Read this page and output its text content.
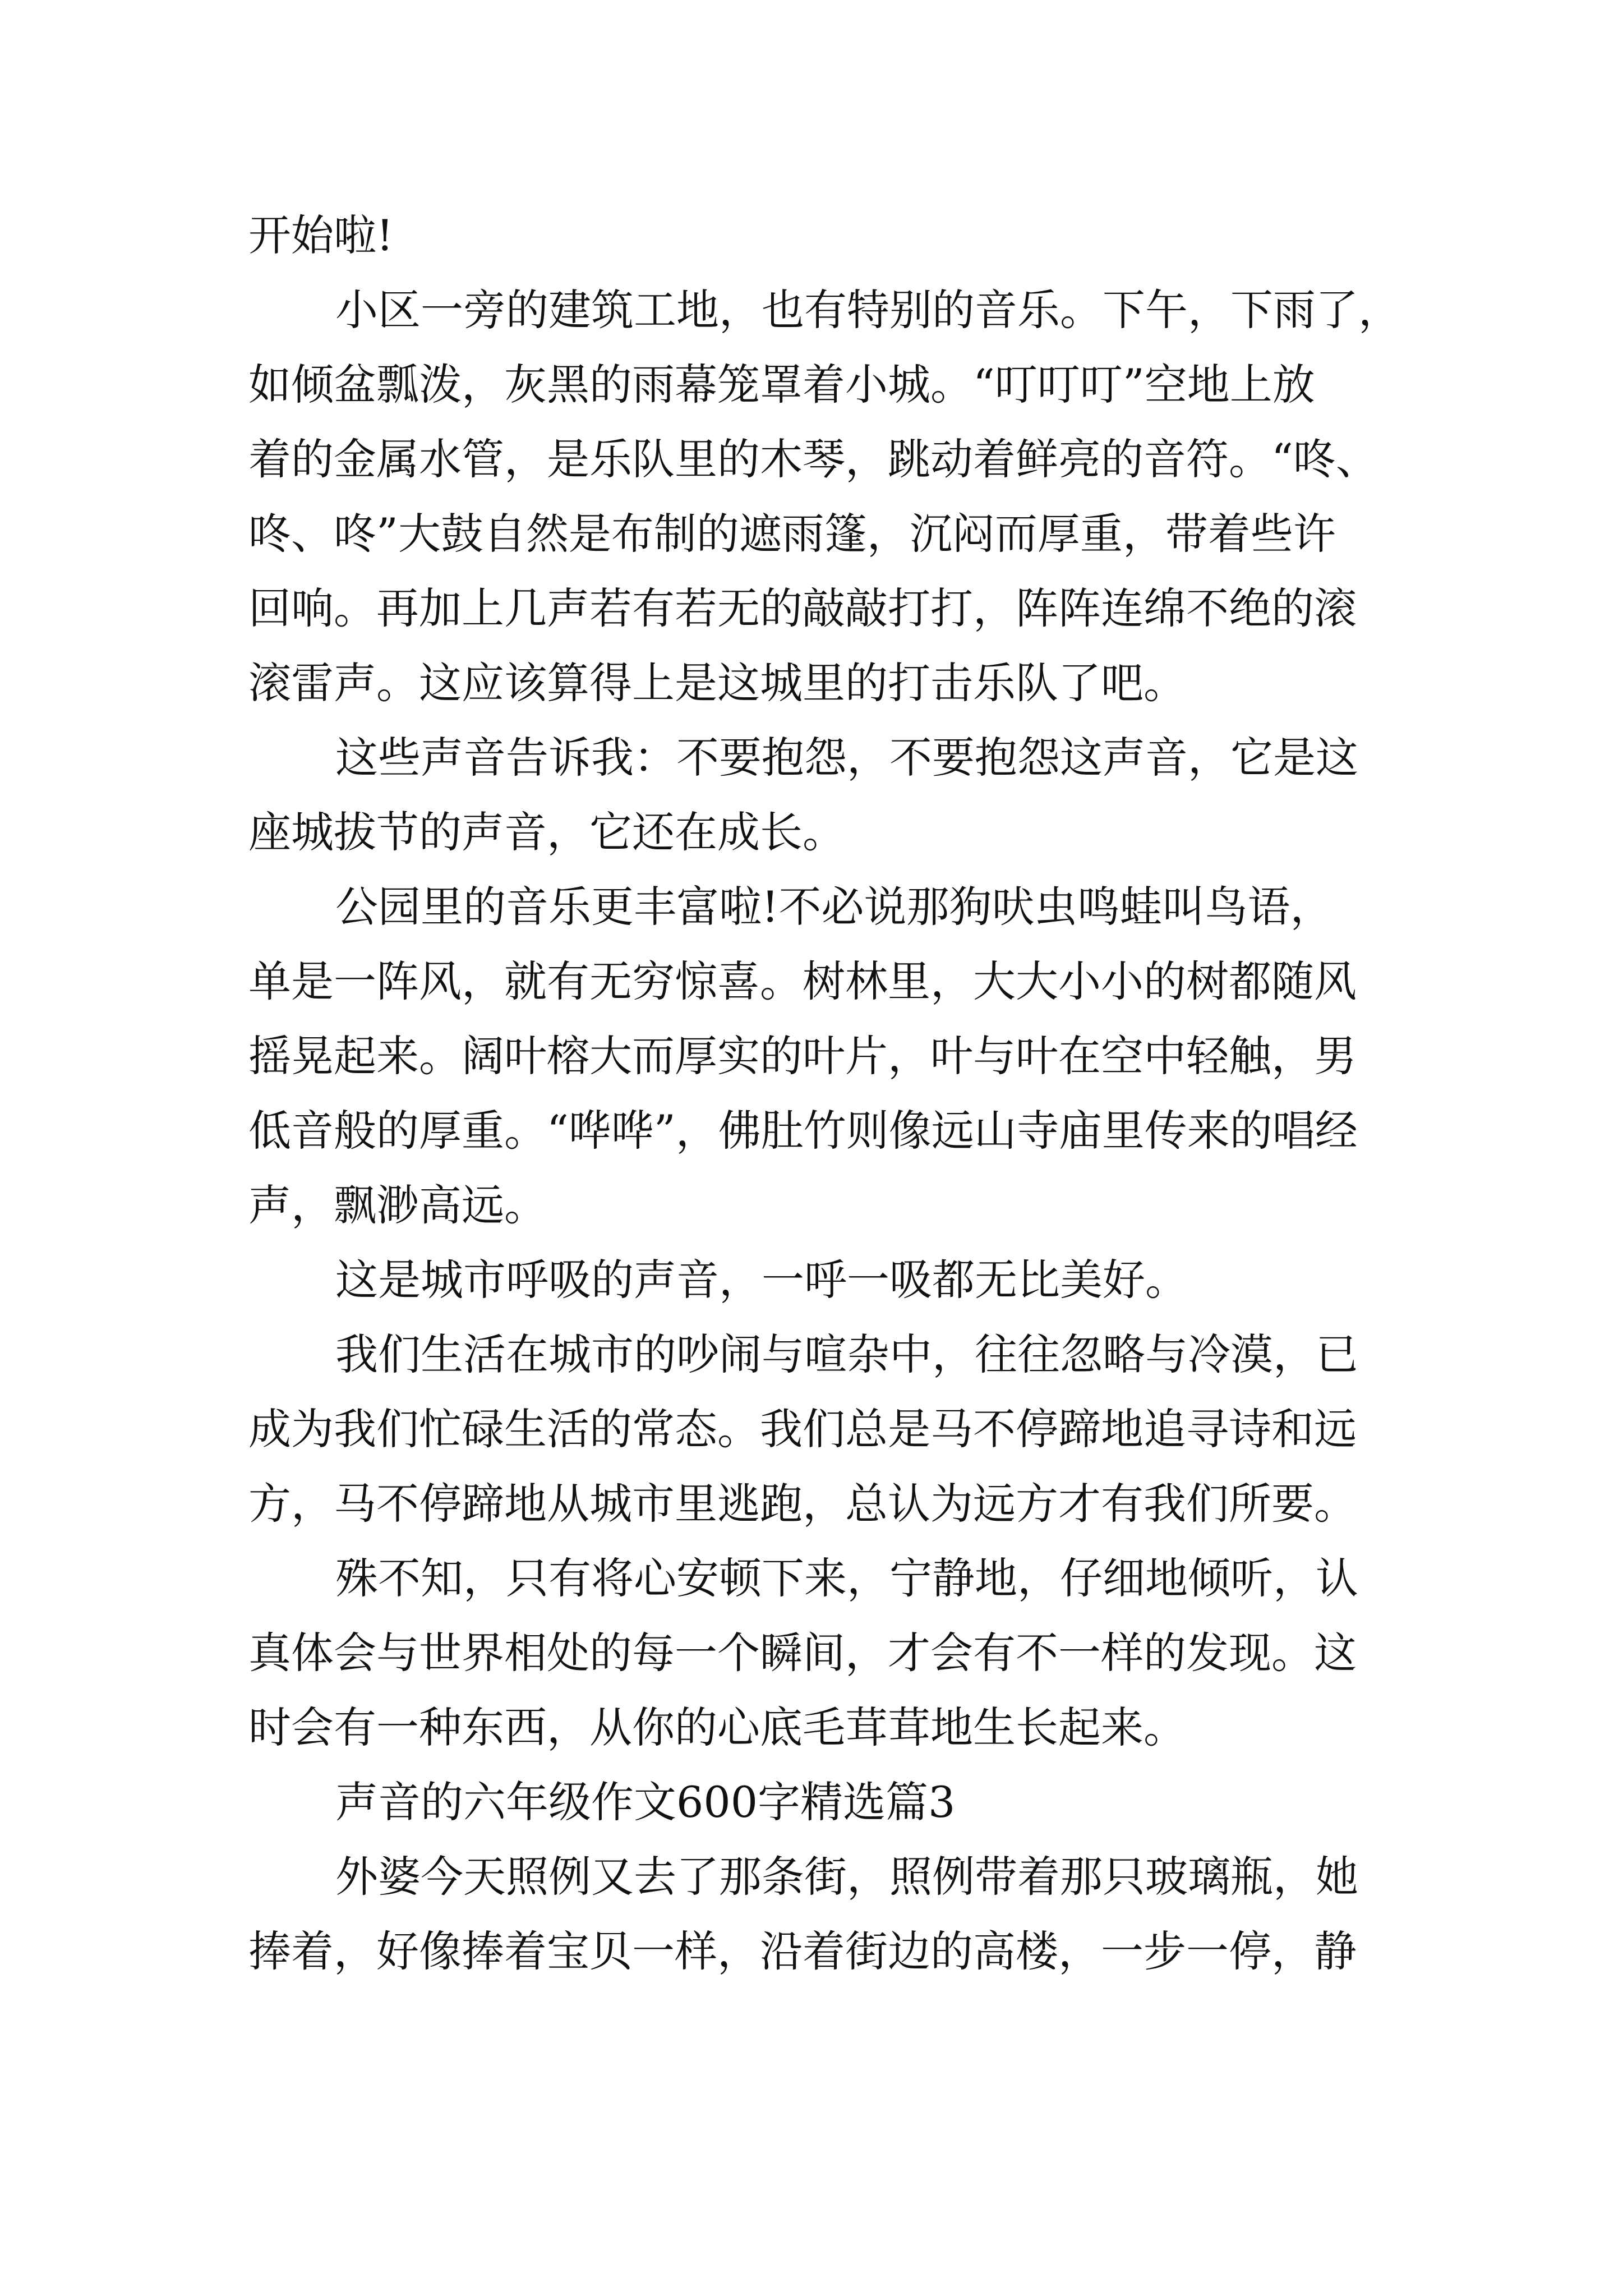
开始啦!
小区一旁的建筑工地，也有特别的音乐。下午，下雨了，
如倾盆瓢泼，灰黑的雨幕笼罩着小城。“叮叮叮”空地上放
着的金属水管，是乐队里的木琴，跳动着鲜亮的音符。“咚、
咚、咚”大鼓自然是布制的遮雨篷，沉闷而厚重，带着些许
回响。再加上几声若有若无的敲敲打打，阵阵连绵不绝的滚
滚雷声。这应该算得上是这城里的打击乐队了吧。
这些声音告诉我：不要抱怨，不要抱怨这声音，它是这
座城拔节的声音，它还在成长。
公园里的音乐更丰富啦!不必说那狗吠虫鸣蛙叫鸟语，
单是一阵风，就有无穷惊喜。树林里，大大小小的树都随风
摇晃起来。阔叶榕大而厚实的叶片，叶与叶在空中轻触，男
低音般的厚重。“哗哗”，佛肚竹则像远山寺庙里传来的唱经
声，飘渺高远。
这是城市呼吸的声音，一呼一吸都无比美好。
我们生活在城市的吵闹与喧杂中，往往忽略与冷漠，已
成为我们忙碌生活的常态。我们总是马不停蹄地追寻诗和远
方，马不停蹄地从城市里逃跑，总认为远方才有我们所要。
殊不知，只有将心安顿下来，宁静地，仔细地倾听，认
真体会与世界相处的每一个瞬间，才会有不一样的发现。这
时会有一种东西，从你的心底毛茸茸地生长起来。
声音的六年级作文600字精选篇3
外婆今天照例又去了那条街，照例带着那只玻璃瓶，她
捧着，好像捧着宝贝一样，沿着街边的高楼，一步一停，静
